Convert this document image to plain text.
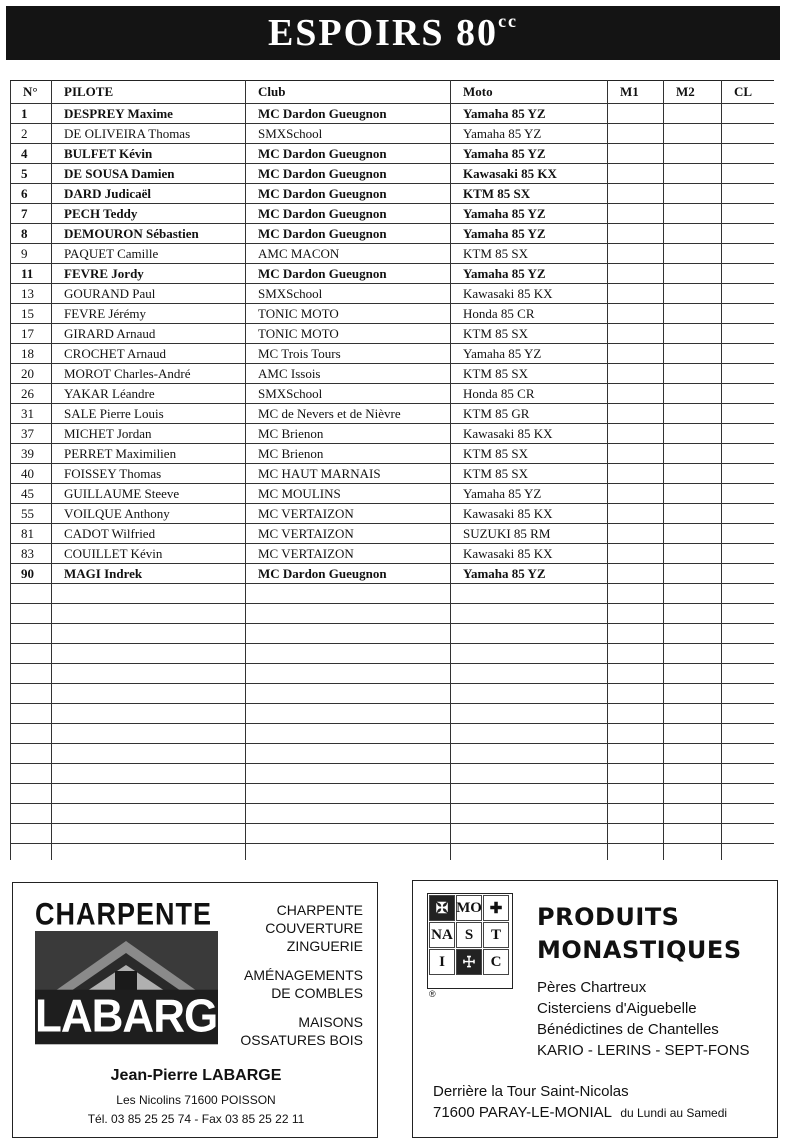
ESPOIRS $80^{cc}$
N°	PILOTE	Club	Moto	M1	M2	CL
1	DESPREY Maxime	MC Dardon Gueugnon	Yamaha 85 YZ			
2	DE OLIVEIRA Thomas	SMXSchool	Yamaha 85 YZ			
4	BULFET Kévin	MC Dardon Gueugnon	Yamaha 85 YZ			
5	DE SOUSA Damien	MC Dardon Gueugnon	Kawasaki 85 KX			
6	DARD Judicaël	MC Dardon Gueugnon	KTM 85 SX			
7	PECH Teddy	MC Dardon Gueugnon	Yamaha 85 YZ			
8	DEMOURON Sébastien	MC Dardon Gueugnon	Yamaha 85 YZ			
9	PAQUET Camille	AMC MACON	KTM 85 SX			
11	FEVRE Jordy	MC Dardon Gueugnon	Yamaha 85 YZ			
13	GOURAND Paul	SMXSchool	Kawasaki 85 KX			
15	FEVRE Jérémy	TONIC MOTO	Honda 85 CR			
17	GIRARD Arnaud	TONIC MOTO	KTM 85 SX			
18	CROCHET Arnaud	MC Trois Tours	Yamaha 85 YZ			
20	MOROT Charles-André	AMC Issois	KTM 85 SX			
26	YAKAR Léandre	SMXSchool	Honda 85 CR			
31	SALE Pierre Louis	MC de Nevers et de Nièvre	KTM 85 GR			
37	MICHET Jordan	MC Brienon	Kawasaki 85 KX			
39	PERRET Maximilien	MC Brienon	KTM 85 SX			
40	FOISSEY Thomas	MC HAUT MARNAIS	KTM 85 SX			
45	GUILLAUME Steeve	MC MOULINS	Yamaha 85 YZ			
55	VOILQUE Anthony	MC VERTAIZON	Kawasaki 85 KX			
81	CADOT Wilfried	MC VERTAIZON	SUZUKI 85 RM			
83	COUILLET Kévin	MC VERTAIZON	Kawasaki 85 KX			
90	MAGI Indrek	MC Dardon Gueugnon	Yamaha 85 YZ			

CHARPENTE
LABARGE
CHARPENTE
COUVERTURE
ZINGUERIE
AMÉNAGEMENTS
DE COMBLES
MAISONS
OSSATURES BOIS
Jean-Pierre LABARGE
Les Nicolins 71600 POISSON
Tél. 03 85 25 25 74 - Fax 03 85 25 22 11
✠ MO ✚
NA S	T
I	☩ C
®
PRODUITS
MONASTIQUES
Pères Chartreux
Cisterciens d'Aiguebelle
Bénédictines de Chantelles
KARIO - LERINS - SEPT-FONS
Derrière la Tour Saint-Nicolas
71600 PARAY-LE-MONIAL du Lundi au Samedi
